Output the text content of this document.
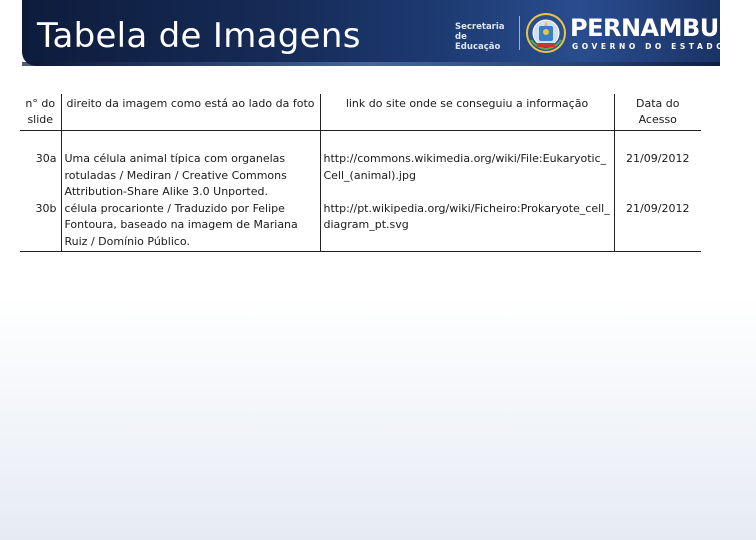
Tabela de Imagens	Secretaria de
Educação
PERNAMBUCO
GOVERNO DO ESTADO
n° do slide	direito da imagem como está ao lado da foto	link do site onde se conseguiu a informação	Data do Acesso
30a	Uma célula animal típica com organelas rotuladas / Mediran / Creative Commons Attribution-Share Alike 3.0 Unported.	http://commons.wikimedia.org/wiki/File:Eukaryotic_Cell_(animal).jpg	21/09/2012
30b	célula procarionte / Traduzido por Felipe Fontoura, baseado na imagem de Mariana Ruiz / Domínio Público.	http://pt.wikipedia.org/wiki/Ficheiro:Prokaryote_cell_diagram_pt.svg	21/09/2012
